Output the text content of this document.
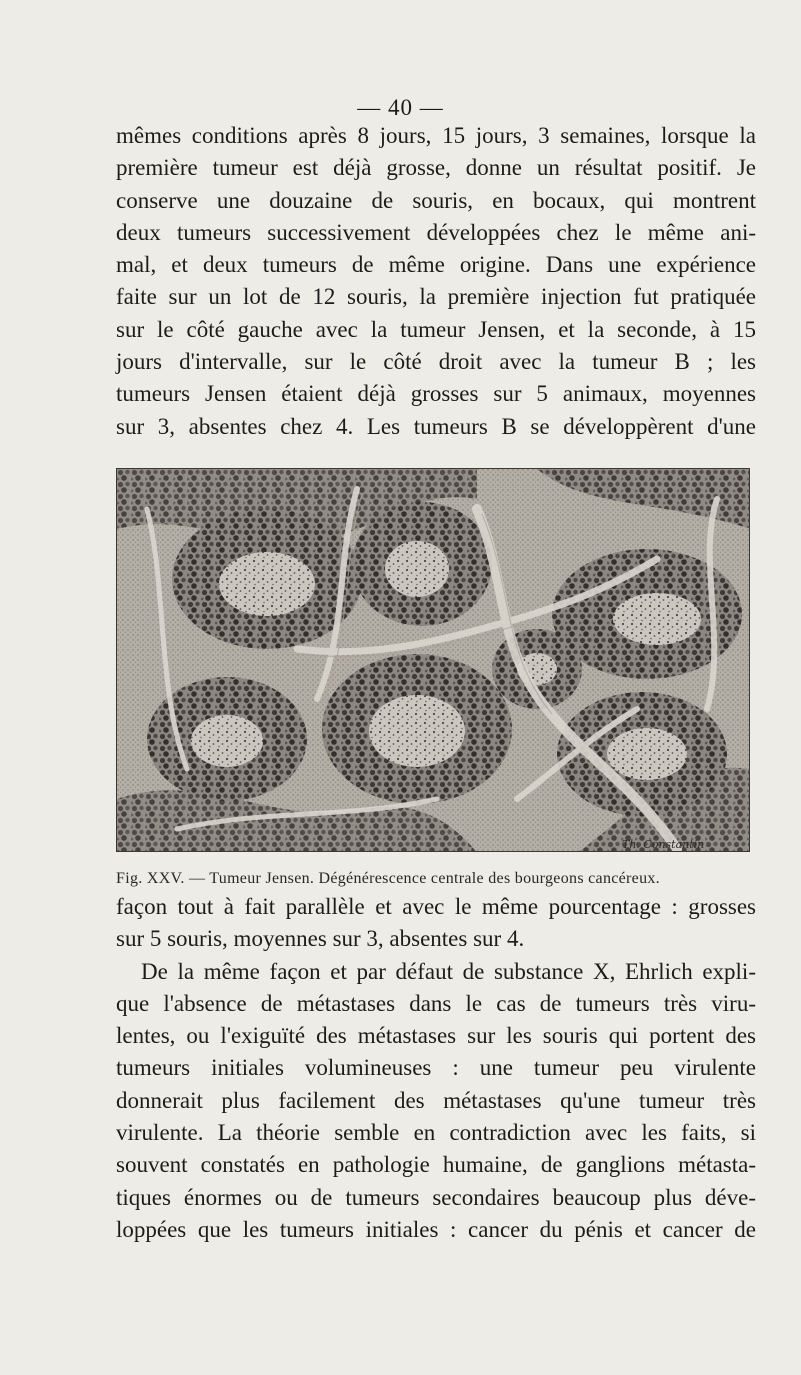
— 40 —

mêmes conditions après 8 jours, 15 jours, 3 semaines, lorsque la
première tumeur est déjà grosse, donne un résultat positif. Je
conserve une douzaine de souris, en bocaux, qui montrent
deux tumeurs successivement développées chez le même ani-
mal, et deux tumeurs de même origine. Dans une expérience
faite sur un lot de 12 souris, la première injection fut pratiquée
sur le côté gauche avec la tumeur Jensen, et la seconde, à 15
jours d'intervalle, sur le côté droit avec la tumeur B ; les
tumeurs Jensen étaient déjà grosses sur 5 animaux, moyennes
sur 3, absentes chez 4. Les tumeurs B se développèrent d'une

Th. Constantin
Fig. XXV. — Tumeur Jensen. Dégénérescence centrale des bourgeons cancéreux.

façon tout à fait parallèle et avec le même pourcentage : grosses
sur 5 souris, moyennes sur 3, absentes sur 4.
De la même façon et par défaut de substance X, Ehrlich expli-
que l'absence de métastases dans le cas de tumeurs très viru-
lentes, ou l'exiguïté des métastases sur les souris qui portent des
tumeurs initiales volumineuses : une tumeur peu virulente
donnerait plus facilement des métastases qu'une tumeur très
virulente. La théorie semble en contradiction avec les faits, si
souvent constatés en pathologie humaine, de ganglions métasta-
tiques énormes ou de tumeurs secondaires beaucoup plus déve-
loppées que les tumeurs initiales : cancer du pénis et cancer de
